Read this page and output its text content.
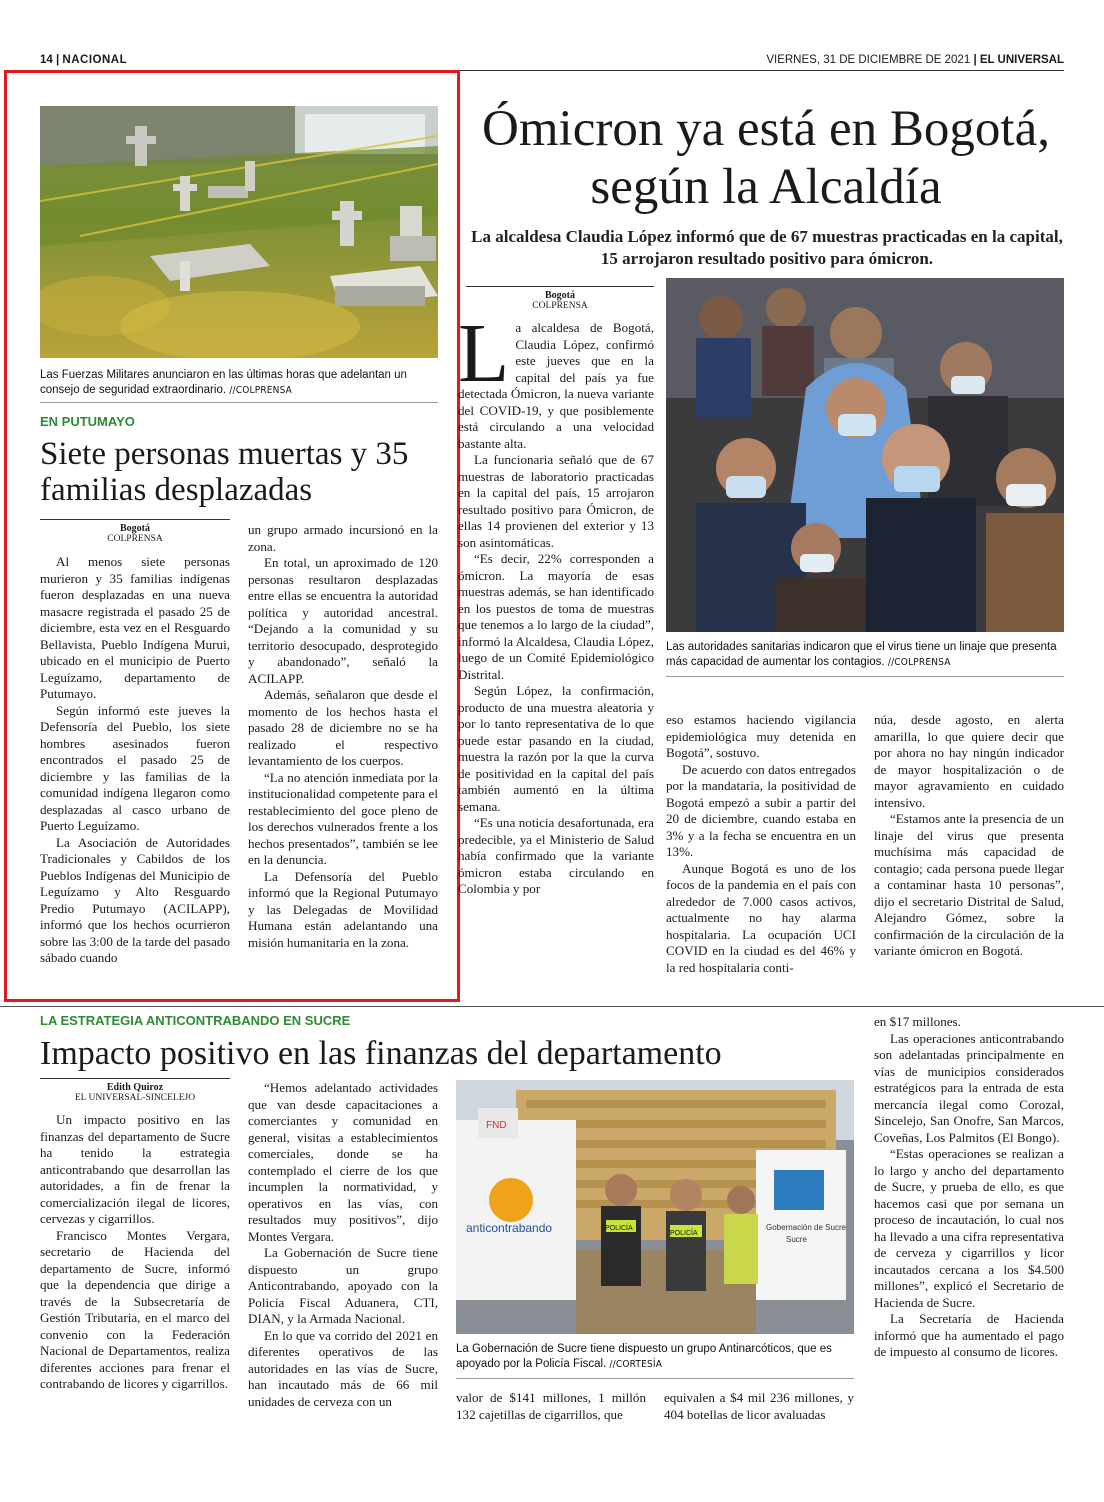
14 | NACIONAL	VIERNES, 31 DE DICIEMBRE DE 2021 | EL UNIVERSAL
Las Fuerzas Militares anunciaron en las últimas horas que adelantan un consejo de seguridad extraordinario. //COLPRENSA
EN PUTUMAYO
Siete personas muertas y 35 familias desplazadas
Bogotá
COLPRENSA

Al menos siete personas murieron y 35 familias indígenas fueron desplazadas en una nueva masacre registrada el pasado 25 de diciembre, esta vez en el Resguardo Bellavista, Pueblo Indígena Murui, ubicado en el municipio de Puerto Leguízamo, departamento de Putumayo.

Según informó este jueves la Defensoría del Pueblo, los siete hombres asesinados fueron encontrados el pasado 25 de diciembre y las familias de la comunidad indígena llegaron como desplazadas al casco urbano de Puerto Leguízamo.

La Asociación de Autoridades Tradicionales y Cabildos de los Pueblos Indígenas del Municipio de Leguízamo y Alto Resguardo Predio Putumayo (ACILAPP), informó que los hechos ocurrieron sobre las 3:00 de la tarde del pasado sábado cuando

un grupo armado incursionó en la zona.

En total, un aproximado de 120 personas resultaron desplazadas entre ellas se encuentra la autoridad política y autoridad ancestral. “Dejando a la comunidad y su territorio desocupado, desprotegido y abandonado”, señaló la ACILAPP.

Además, señalaron que desde el momento de los hechos hasta el pasado 28 de diciembre no se ha realizado el respectivo levantamiento de los cuerpos.

“La no atención inmediata por la institucionalidad competente para el restablecimiento del goce pleno de los derechos vulnerados frente a los hechos presentados”, también se lee en la denuncia.

La Defensoría del Pueblo informó que la Regional Putumayo y las Delegadas de Movilidad Humana están adelantando una misión humanitaria en la zona.

Ómicron ya está en Bogotá, según la Alcaldía
La alcaldesa Claudia López informó que de 67 muestras practicadas en la capital, 15 arrojaron resultado positivo para ómicron.
Bogotá
COLPRENSA

La alcaldesa de Bogotá, Claudia López, confirmó este jueves que en la capital del país ya fue detectada Ómicron, la nueva variante del COVID-19, y que posiblemente está circulando a una velocidad bastante alta.

La funcionaria señaló que de 67 muestras de laboratorio practicadas en la capital del país, 15 arrojaron resultado positivo para Ómicron, de ellas 14 provienen del exterior y 13 son asintomáticas.

“Es decir, 22% corresponden a ómicron. La mayoría de esas muestras además, se han identificado en los puestos de toma de muestras que tenemos a lo largo de la ciudad”, informó la Alcaldesa, Claudia López, luego de un Comité Epidemiológico Distrital.

Según López, la confirmación, producto de una muestra aleatoria y por lo tanto representativa de lo que puede estar pasando en la ciudad, muestra la razón por la que la curva de positividad en la capital del país también aumentó en la última semana.

“Es una noticia desafortunada, era predecible, ya el Ministerio de Salud había confirmado que la variante ómicron estaba circulando en Colombia y por

Las autoridades sanitarias indicaron que el virus tiene un linaje que presenta más capacidad de aumentar los contagios. //COLPRENSA

eso estamos haciendo vigilancia epidemiológica muy detenida en Bogotá”, sostuvo.

De acuerdo con datos entregados por la mandataria, la positividad de Bogotá empezó a subir a partir del 20 de diciembre, cuando estaba en 3% y a la fecha se encuentra en un 13%.

Aunque Bogotá es uno de los focos de la pandemia en el país con alrededor de 7.000 casos activos, actualmente no hay alarma hospitalaria. La ocupación UCI COVID en la ciudad es del 46% y la red hospitalaria conti-

núa, desde agosto, en alerta amarilla, lo que quiere decir que por ahora no hay ningún indicador de mayor hospitalización o de mayor agravamiento en cuidado intensivo.

“Estamos ante la presencia de un linaje del virus que presenta muchísima más capacidad de contagio; cada persona puede llegar a contaminar hasta 10 personas”, dijo el secretario Distrital de Salud, Alejandro Gómez, sobre la confirmación de la circulación de la variante ómicron en Bogotá.

LA ESTRATEGIA ANTICONTRABANDO EN SUCRE
Impacto positivo en las finanzas del departamento
Edith Quiroz
EL UNIVERSAL-SINCELEJO

Un impacto positivo en las finanzas del departamento de Sucre ha tenido la estrategia anticontrabando que desarrollan las autoridades, a fin de frenar la comercialización ilegal de licores, cervezas y cigarrillos.

Francisco Montes Vergara, secretario de Hacienda del departamento de Sucre, informó que la dependencia que dirige a través de la Subsecretaría de Gestión Tributaria, en el marco del convenio con la Federación Nacional de Departamentos, realiza diferentes acciones para frenar el contrabando de licores y cigarrillos.

“Hemos adelantado actividades que van desde capacitaciones a comerciantes y comunidad en general, visitas a establecimientos comerciales, donde se ha contemplado el cierre de los que incumplen la normatividad, y operativos en las vías, con resultados muy positivos”, dijo Montes Vergara.

La Gobernación de Sucre tiene dispuesto un grupo Anticontrabando, apoyado con la Policía Fiscal Aduanera, CTI, DIAN, y la Armada Nacional.

En lo que va corrido del 2021 en diferentes operativos de las autoridades en las vías de Sucre, han incautado más de 66 mil unidades de cerveza con un

FND
anticontrabando	Gobernación de Sucre
Sucre
POLICÍA
POLICÍA
La Gobernación de Sucre tiene dispuesto un grupo Antinarcóticos, que es apoyado por la Policía Fiscal. //CORTESÍA

valor de $141 millones, 1 millón 132 cajetillas de cigarrillos, que

equivalen a $4 mil 236 millones, y 404 botellas de licor avaluadas

en $17 millones.

Las operaciones anticontrabando son adelantadas principalmente en vías de municipios considerados estratégicos para la entrada de esta mercancía ilegal como Corozal, Sincelejo, San Onofre, San Marcos, Coveñas, Los Palmitos (El Bongo).

“Estas operaciones se realizan a lo largo y ancho del departamento de Sucre, y prueba de ello, es que hacemos casi que por semana un proceso de incautación, lo cual nos ha llevado a una cifra representativa de cerveza y cigarrillos y licor incautados cercana a los $4.500 millones”, explicó el Secretario de Hacienda de Sucre.

La Secretaría de Hacienda informó que ha aumentado el pago de impuesto al consumo de licores.
